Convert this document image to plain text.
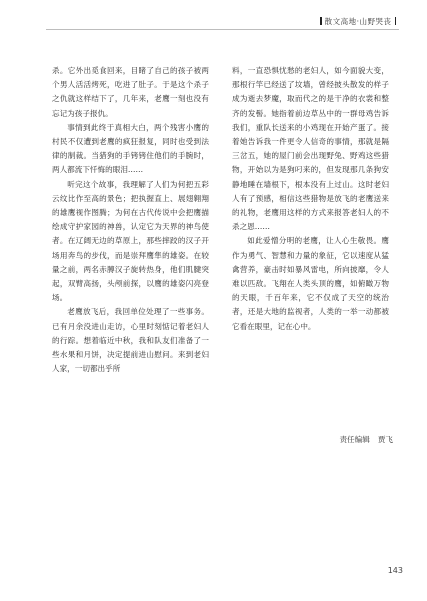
散文高地·山野哭丧

杀。它外出觅食回来，目睹了自己的孩子被两个男人活活烤死，吃进了肚子。于是这个杀子之仇就这样结下了，几年来，老鹰一刻也没有忘记为孩子报仇。

事情到此终于真相大白，两个残害小鹰的村民不仅遭到老鹰的疯狂报复，同时也受到法律的制裁。当猎狗的手铐铐住他们的手腕时，两人都流下忏悔的眼泪……

听完这个故事，我理解了人们为何把五彩云纹比作至高的景色；把执握直上、展翅翱翔的雄鹰视作图腾；为何在古代传说中会把鹰描绘成守护家园的神兽，认定它为天界的神鸟使者。在辽阔无边的草原上，那些摔跤的汉子开场用奔鸟的步伐，而是崇拜鹰隼的雄姿。在较量之前，两名赤膊汉子旋转热身，他们肌腱突起，双臂高扬，头颅前探，以鹰的雄姿闪亮登场。

老鹰放飞后，我回单位处理了一些事务。已有月余没进山走访，心里时刻惦记着老妇人的行踪。想着临近中秋，我和队友们准备了一些水果和月饼，决定提前进山慰问。来到老妇人家，一切都出乎所

料，一直恐惧忧愁的老妇人，如今面貌大变，那根行竿已经送了坟墙，曾经披头散发的样子成为逝去梦魔，取而代之的是干净的衣裳和整齐的发髻。她指着前边草丛中的一群母鸡告诉我们，重队长送来的小鸡现在开始产蛋了。接着她告诉我一件更令人信奇的事情，那就是隔三岔五，她的屋门前会出现野兔、野鸡这些猎物，开始以为是狗叼来的，但发现那几条狗安静地睡在墙根下，根本没有上过山。这时老妇人有了预感，相信这些猎物是放飞的老鹰送来的礼物，老鹰用这样的方式来报答老妇人的不杀之恩……

如此爱憎分明的老鹰，让人心生敬畏。鹰作为勇气、智慧和力量的象征，它以速度从猛禽营养，豪击时如暴风雷电，所向披靡，令人难以匹敌。飞翔在人类头顶的鹰，如俯瞰万物的天眼，千百年来，它不仅成了天空的统治者，还是大地的监视者，人类的一举一动都被它看在眼里，记在心中。

责任编辑 贾飞
143
